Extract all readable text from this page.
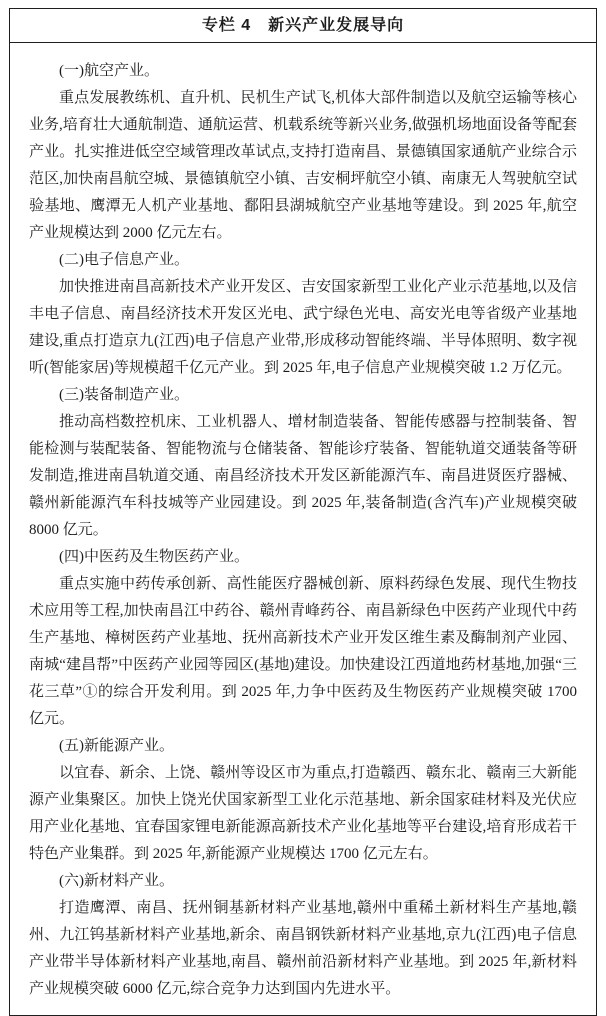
专栏 4　新兴产业发展导向

(一)航空产业。

重点发展教练机、直升机、民机生产试飞,机体大部件制造以及航空运输等核心业务,培育壮大通航制造、通航运营、机载系统等新兴业务,做强机场地面设备等配套产业。扎实推进低空空域管理改革试点,支持打造南昌、景德镇国家通航产业综合示范区,加快南昌航空城、景德镇航空小镇、吉安桐坪航空小镇、南康无人驾驶航空试验基地、鹰潭无人机产业基地、鄱阳县湖城航空产业基地等建设。到 2025 年,航空产业规模达到 2000 亿元左右。

(二)电子信息产业。

加快推进南昌高新技术产业开发区、吉安国家新型工业化产业示范基地,以及信丰电子信息、南昌经济技术开发区光电、武宁绿色光电、高安光电等省级产业基地建设,重点打造京九(江西)电子信息产业带,形成移动智能终端、半导体照明、数字视听(智能家居)等规模超千亿元产业。到 2025 年,电子信息产业规模突破 1.2 万亿元。

(三)装备制造产业。

推动高档数控机床、工业机器人、增材制造装备、智能传感器与控制装备、智能检测与装配装备、智能物流与仓储装备、智能诊疗装备、智能轨道交通装备等研发制造,推进南昌轨道交通、南昌经济技术开发区新能源汽车、南昌进贤医疗器械、赣州新能源汽车科技城等产业园建设。到 2025 年,装备制造(含汽车)产业规模突破 8000 亿元。

(四)中医药及生物医药产业。

重点实施中药传承创新、高性能医疗器械创新、原料药绿色发展、现代生物技术应用等工程,加快南昌江中药谷、赣州青峰药谷、南昌新绿色中医药产业现代中药生产基地、樟树医药产业基地、抚州高新技术产业开发区维生素及酶制剂产业园、南城“建昌帮”中医药产业园等园区(基地)建设。加快建设江西道地药材基地,加强“三花三草”①的综合开发利用。到 2025 年,力争中医药及生物医药产业规模突破 1700 亿元。

(五)新能源产业。

以宜春、新余、上饶、赣州等设区市为重点,打造赣西、赣东北、赣南三大新能源产业集聚区。加快上饶光伏国家新型工业化示范基地、新余国家硅材料及光伏应用产业化基地、宜春国家锂电新能源高新技术产业化基地等平台建设,培育形成若干特色产业集群。到 2025 年,新能源产业规模达 1700 亿元左右。

(六)新材料产业。

打造鹰潭、南昌、抚州铜基新材料产业基地,赣州中重稀土新材料生产基地,赣州、九江钨基新材料产业基地,新余、南昌钢铁新材料产业基地,京九(江西)电子信息产业带半导体新材料产业基地,南昌、赣州前沿新材料产业基地。到 2025 年,新材料产业规模突破 6000 亿元,综合竞争力达到国内先进水平。
